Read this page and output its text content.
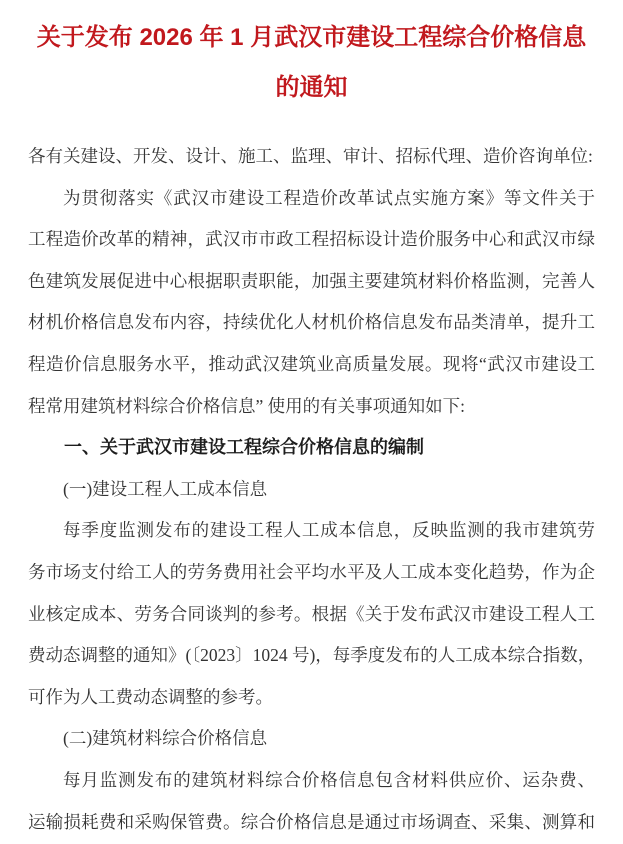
关于发布 2026 年 1 月武汉市建设工程综合价格信息
的通知
各有关建设、开发、设计、施工、监理、审计、招标代理、造价咨询单位:
为贯彻落实《武汉市建设工程造价改革试点实施方案》等文件关于
工程造价改革的精神，武汉市市政工程招标设计造价服务中心和武汉市绿
色建筑发展促进中心根据职责职能，加强主要建筑材料价格监测，完善人
材机价格信息发布内容，持续优化人材机价格信息发布品类清单，提升工
程造价信息服务水平，推动武汉建筑业高质量发展。现将“武汉市建设工
程常用建筑材料综合价格信息” 使用的有关事项通知如下:
一、关于武汉市建设工程综合价格信息的编制
(一)建设工程人工成本信息
每季度监测发布的建设工程人工成本信息，反映监测的我市建筑劳
务市场支付给工人的劳务费用社会平均水平及人工成本变化趋势，作为企
业核定成本、劳务合同谈判的参考。根据《关于发布武汉市建设工程人工
费动态调整的通知》(〔2023〕1024 号)，每季度发布的人工成本综合指数，
可作为人工费动态调整的参考。
(二)建筑材料综合价格信息
每月监测发布的建筑材料综合价格信息包含材料供应价、运杂费、
运输损耗费和采购保管费。综合价格信息是通过市场调查、采集、测算和
